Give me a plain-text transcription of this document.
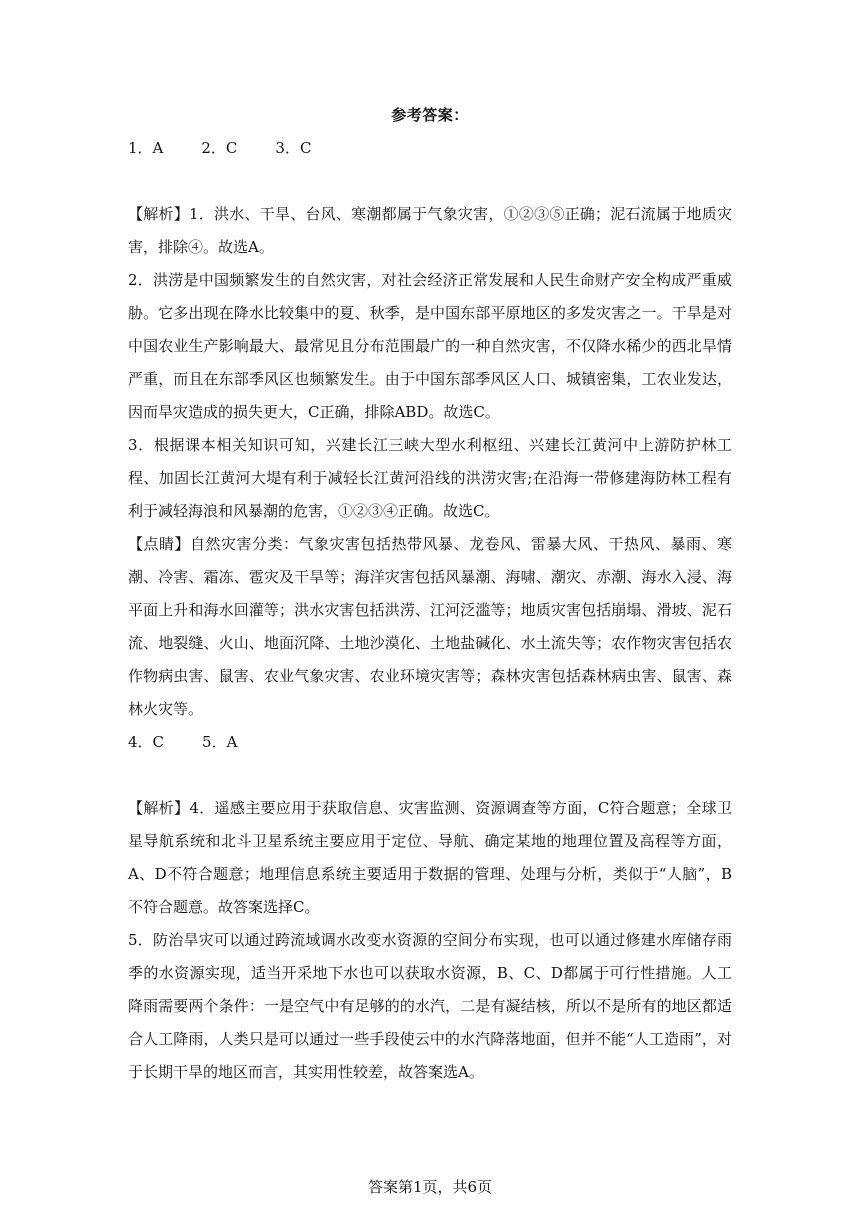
参考答案：

1．A	2．C	3．C

【解析】1．洪水、干旱、台风、寒潮都属于气象灾害，①②③⑤正确；泥石流属于地质灾害，排除④。故选A。

2．洪涝是中国频繁发生的自然灾害，对社会经济正常发展和人民生命财产安全构成严重威胁。它多出现在降水比较集中的夏、秋季，是中国东部平原地区的多发灾害之一。干旱是对中国农业生产影响最大、最常见且分布范围最广的一种自然灾害，不仅降水稀少的西北旱情严重，而且在东部季风区也频繁发生。由于中国东部季风区人口、城镇密集，工农业发达，因而旱灾造成的损失更大，C正确，排除ABD。故选C。

3．根据课本相关知识可知，兴建长江三峡大型水利枢纽、兴建长江黄河中上游防护林工程、加固长江黄河大堤有利于减轻长江黄河沿线的洪涝灾害;在沿海一带修建海防林工程有利于减轻海浪和风暴潮的危害，①②③④正确。故选C。

【点睛】自然灾害分类：气象灾害包括热带风暴、龙卷风、雷暴大风、干热风、暴雨、寒潮、冷害、霜冻、雹灾及干旱等；海洋灾害包括风暴潮、海啸、潮灾、赤潮、海水入浸、海平面上升和海水回灌等；洪水灾害包括洪涝、江河泛滥等；地质灾害包括崩塌、滑坡、泥石流、地裂缝、火山、地面沉降、土地沙漠化、土地盐碱化、水土流失等；农作物灾害包括农作物病虫害、鼠害、农业气象灾害、农业环境灾害等；森林灾害包括森林病虫害、鼠害、森林火灾等。

4．C	5．A

【解析】4．遥感主要应用于获取信息、灾害监测、资源调查等方面，C符合题意；全球卫星导航系统和北斗卫星系统主要应用于定位、导航、确定某地的地理位置及高程等方面，A、D不符合题意；地理信息系统主要适用于数据的管理、处理与分析，类似于“人脑”，B不符合题意。故答案选择C。

5．防治旱灾可以通过跨流域调水改变水资源的空间分布实现，也可以通过修建水库储存雨季的水资源实现，适当开采地下水也可以获取水资源，B、C、D都属于可行性措施。人工降雨需要两个条件：一是空气中有足够的的水汽，二是有凝结核，所以不是所有的地区都适合人工降雨，人类只是可以通过一些手段使云中的水汽降落地面，但并不能“人工造雨”，对于长期干旱的地区而言，其实用性较差，故答案选A。

答案第1页，共6页
